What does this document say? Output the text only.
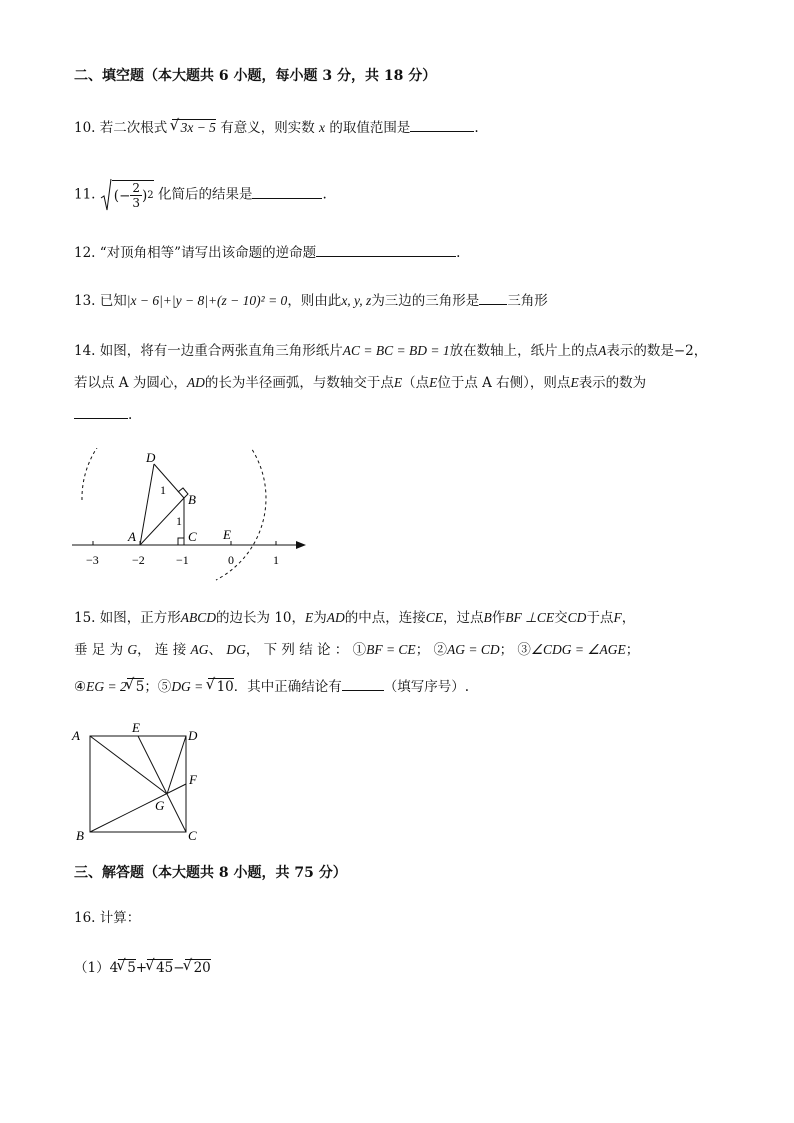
二、填空题（本大题共 6 小题，每小题 3 分，共 18 分）
10. 若二次根式 √ 3x − 5 有意义，则实数 x 的取值范围是	.
11.
( − $\frac{2}{3}$ ) 2 化简后的结果是	.
12. “对顶角相等”请写出该命题的逆命题	.
13. 已知|x − 6|+|y − 8|+(z − 10)² = 0，则由此x, y, z为三边的三角形是 三角形
14. 如图，将有一边重合两张直角三角形纸片AC = BC = BD = 1放在数轴上，纸片上的点A表示的数是−2，
若以点 A 为圆心，AD的长为半径画弧，与数轴交于点E（点E位于点 A 右侧），则点E表示的数为
.
D
B
A	C E
1
1
−3	−2	−1	0	1
15. 如图，正方形ABCD的边长为 10，E为AD的中点，连接CE，过点B作BF ⊥CE交CD于点F，
垂 足 为 G， 连 接 AG、 DG， 下 列 结 论 ： ①BF = CE； ②AG = CD； ③∠CDG = ∠AGE；
④EG = 2 √ 5；⑤DG = √ 10．其中正确结论有	（填写序号）.
A
E
D
F
G
B	C
三、解答题（本大题共 8 小题，共 75 分）
16. 计算：
（1）4 √ 5+ √ 45− √ 20
